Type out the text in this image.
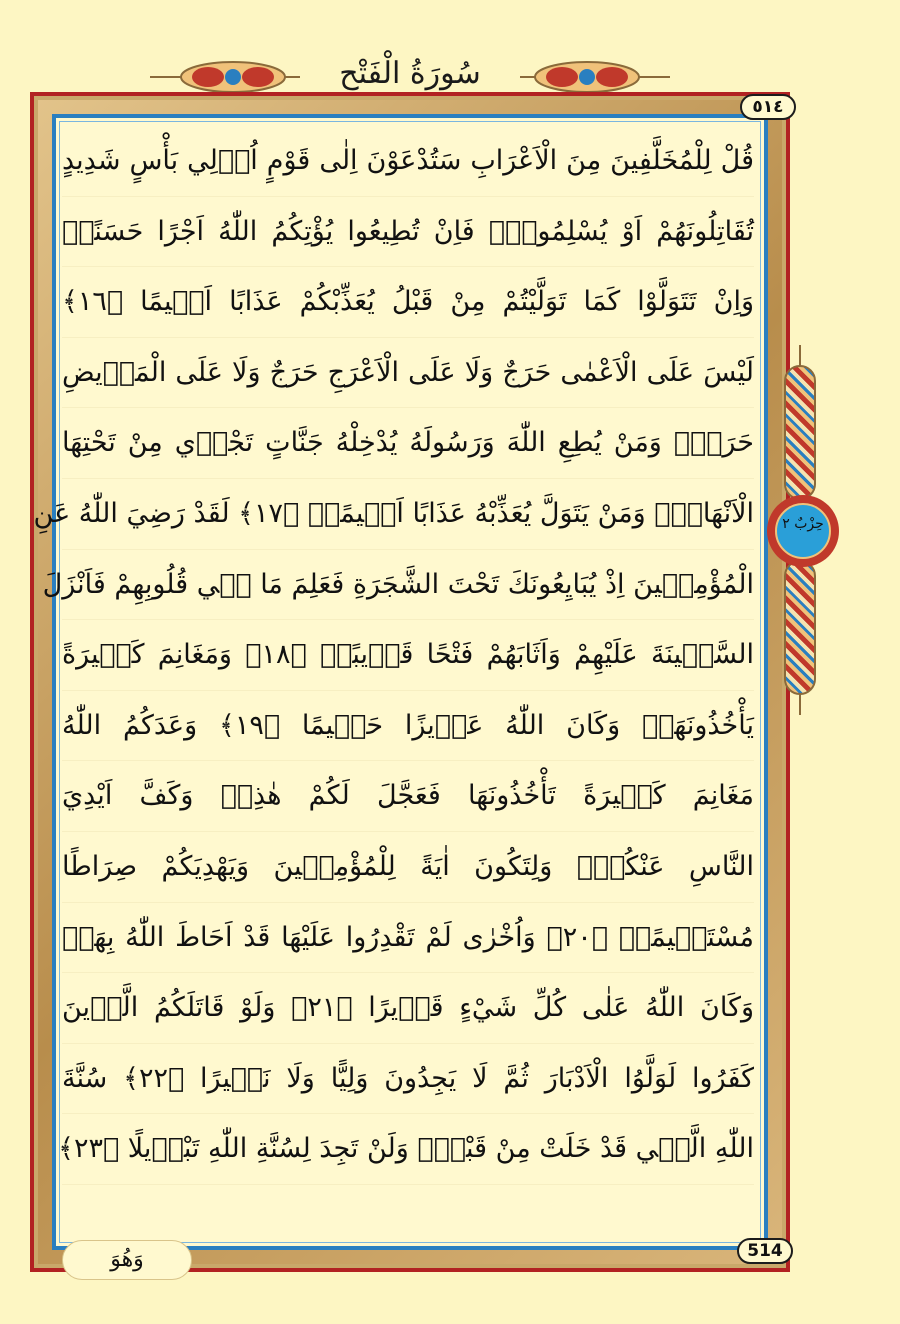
سُورَةُ الْفَتْحِ
٥١٤
قُلْ لِلْمُخَلَّفِينَ مِنَ الْاَعْرَابِ سَتُدْعَوْنَ اِلٰى قَوْمٍ اُو۬لِي بَأْسٍ شَدِيدٍ
تُقَاتِلُونَهُمْ اَوْ يُسْلِمُونَۚ فَاِنْ تُطِيعُوا يُؤْتِكُمُ اللّٰهُ اَجْرًا حَسَنًاۚ
وَاِنْ تَتَوَلَّوْا كَمَا تَوَلَّيْتُمْ مِنْ قَبْلُ يُعَذِّبْكُمْ عَذَابًا اَل۪يمًا ﴿١٦﴾
لَيْسَ عَلَى الْاَعْمٰى حَرَجٌ وَلَا عَلَى الْاَعْرَجِ حَرَجٌ وَلَا عَلَى الْمَر۪يضِ
حَرَجٌۜ وَمَنْ يُطِعِ اللّٰهَ وَرَسُولَهُ يُدْخِلْهُ جَنَّاتٍ تَجْر۪ي مِنْ تَحْتِهَا
الْاَنْهَارُۚ وَمَنْ يَتَوَلَّ يُعَذِّبْهُ عَذَابًا اَل۪يمًا۟ ﴿١٧﴾ لَقَدْ رَضِيَ اللّٰهُ عَنِ
الْمُؤْمِن۪ينَ اِذْ يُبَايِعُونَكَ تَحْتَ الشَّجَرَةِ فَعَلِمَ مَا ف۪ي قُلُوبِهِمْ فَاَنْزَلَ
السَّك۪ينَةَ عَلَيْهِمْ وَاَثَابَهُمْ فَتْحًا قَر۪يبًاۙ ﴿١٨﴾ وَمَغَانِمَ كَث۪يرَةً
يَأْخُذُونَهَاۜ وَكَانَ اللّٰهُ عَز۪يزًا حَك۪يمًا ﴿١٩﴾ وَعَدَكُمُ اللّٰهُ
مَغَانِمَ كَث۪يرَةً تَأْخُذُونَهَا فَعَجَّلَ لَكُمْ هٰذِه۪ وَكَفَّ اَيْدِيَ
النَّاسِ عَنْكُمْۚ وَلِتَكُونَ اٰيَةً لِلْمُؤْمِن۪ينَ وَيَهْدِيَكُمْ صِرَاطًا
مُسْتَق۪يمًاۙ ﴿٢٠﴾ وَاُخْرٰى لَمْ تَقْدِرُوا عَلَيْهَا قَدْ اَحَاطَ اللّٰهُ بِهَاۜ
وَكَانَ اللّٰهُ عَلٰى كُلِّ شَيْءٍ قَد۪يرًا ﴿٢١﴾ وَلَوْ قَاتَلَكُمُ الَّذ۪ينَ
كَفَرُوا لَوَلَّوُا الْاَدْبَارَ ثُمَّ لَا يَجِدُونَ وَلِيًّا وَلَا نَص۪يرًا ﴿٢٢﴾ سُنَّةَ
اللّٰهِ الَّت۪ي قَدْ خَلَتْ مِنْ قَبْلُۚ وَلَنْ تَجِدَ لِسُنَّةِ اللّٰهِ تَبْد۪يلًا ﴿٢٣﴾
حِزْبٌ ٢
514
وَهُوَ
